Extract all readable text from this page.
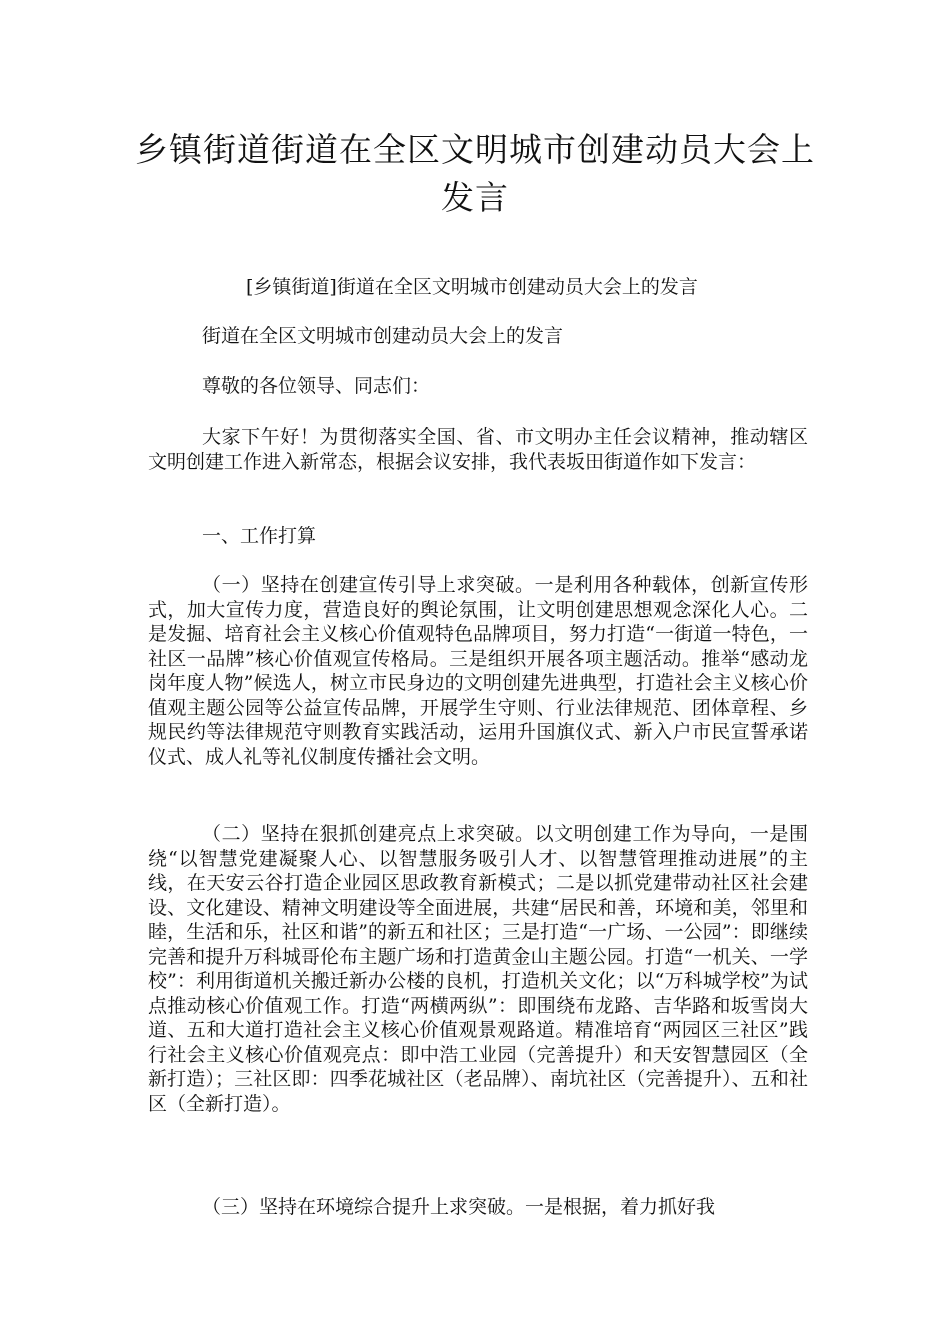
乡镇街道街道在全区文明城市创建动员大会上发言
[乡镇街道]街道在全区文明城市创建动员大会上的发言
街道在全区文明城市创建动员大会上的发言
尊敬的各位领导、同志们：
大家下午好！为贯彻落实全国、省、市文明办主任会议精神，推动辖区文明创建工作进入新常态，根据会议安排，我代表坂田街道作如下发言：
一、工作打算
（一）坚持在创建宣传引导上求突破。一是利用各种载体，创新宣传形式，加大宣传力度，营造良好的舆论氛围，让文明创建思想观念深化人心。二是发掘、培育社会主义核心价值观特色品牌项目，努力打造“一街道一特色，一社区一品牌”核心价值观宣传格局。三是组织开展各项主题活动。推举“感动龙岗年度人物”候选人，树立市民身边的文明创建先进典型，打造社会主义核心价值观主题公园等公益宣传品牌，开展学生守则、行业法律规范、团体章程、乡规民约等法律规范守则教育实践活动，运用升国旗仪式、新入户市民宣誓承诺仪式、成人礼等礼仪制度传播社会文明。
（二）坚持在狠抓创建亮点上求突破。以文明创建工作为导向，一是围绕“以智慧党建凝聚人心、以智慧服务吸引人才、以智慧管理推动进展”的主线，在天安云谷打造企业园区思政教育新模式；二是以抓党建带动社区社会建设、文化建设、精神文明建设等全面进展，共建“居民和善，环境和美，邻里和睦，生活和乐，社区和谐”的新五和社区；三是打造“一广场、一公园”：即继续完善和提升万科城哥伦布主题广场和打造黄金山主题公园。打造“一机关、一学校”：利用街道机关搬迁新办公楼的良机，打造机关文化；以“万科城学校”为试点推动核心价值观工作。打造“两横两纵”：即围绕布龙路、吉华路和坂雪岗大道、五和大道打造社会主义核心价值观景观路道。精准培育“两园区三社区”践行社会主义核心价值观亮点：即中浩工业园（完善提升）和天安智慧园区（全新打造）；三社区即：四季花城社区（老品牌）、南坑社区（完善提升）、五和社区（全新打造）。
（三）坚持在环境综合提升上求突破。一是根据，着力抓好我
